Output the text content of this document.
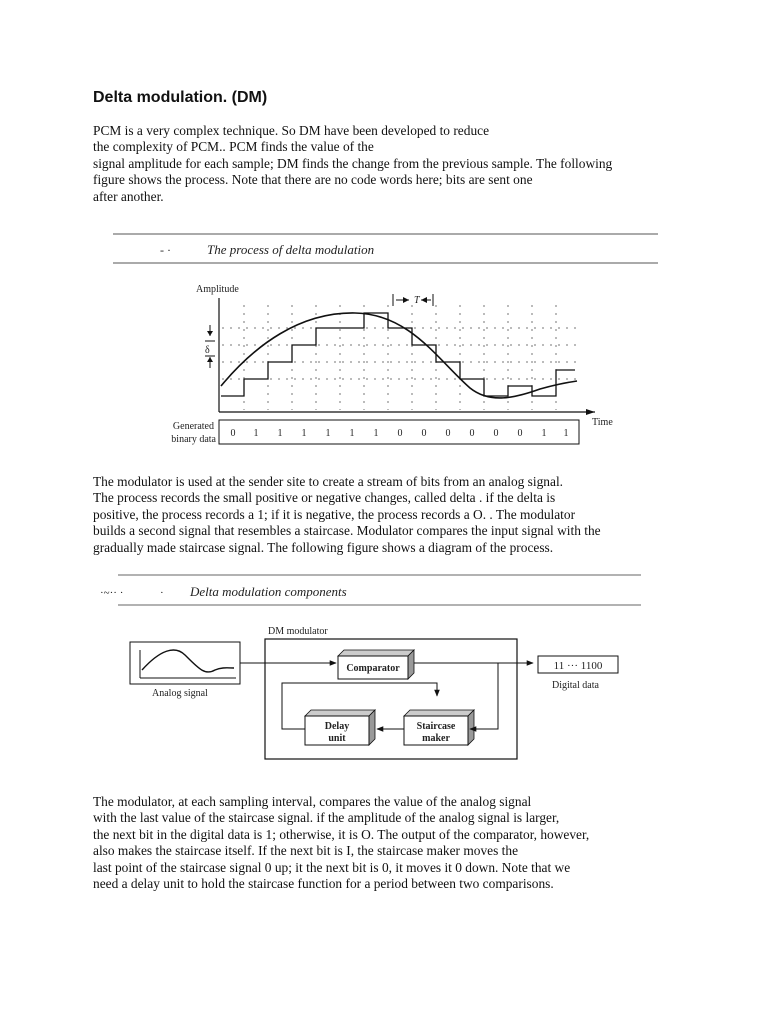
Delta modulation. (DM)

PCM is a very complex technique. So DM have been developed to reduce
the complexity of PCM.. PCM finds the value of the
signal amplitude for each sample; DM finds the change from the previous sample. The following
figure shows the process. Note that there are no code words here; bits are sent one
after another.

- ·	The process of delta modulation
Amplitude
Time
δ
T
Generated
binary data
0 1 1 1 1 1 1 0 0 0 0 0 0 1 1

The modulator is used at the sender site to create a stream of bits from an analog signal.
The process records the small positive or negative changes, called delta . if the delta is
positive, the process records a 1; if it is negative, the process records a O. . The modulator
builds a second signal that resembles a staircase. Modulator compares the input signal with the
gradually made staircase signal. The following figure shows a diagram of the process.

·~·· ·	· Delta modulation components
DM modulator
Analog signal
Comparator
Delay
unit
Staircase
maker
11 ··· 1100
Digital data

The modulator, at each sampling interval, compares the value of the analog signal
with the last value of the staircase signal. if the amplitude of the analog signal is larger,
the next bit in the digital data is 1; otherwise, it is O. The output of the comparator, however,
also makes the staircase itself. If the next bit is I, the staircase maker moves the
last point of the staircase signal 0 up; it the next bit is 0, it moves it 0 down. Note that we
need a delay unit to hold the staircase function for a period between two comparisons.
